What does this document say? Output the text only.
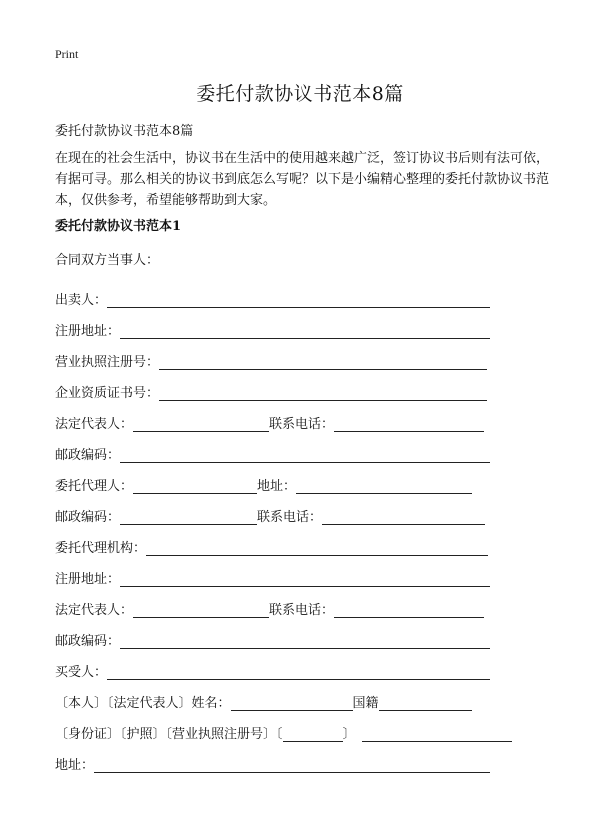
Print
委托付款协议书范本8篇
委托付款协议书范本8篇
在现在的社会生活中，协议书在生活中的使用越来越广泛，签订协议书后则有法可依，有据可寻。那么相关的协议书到底怎么写呢？以下是小编精心整理的委托付款协议书范本，仅供参考，希望能够帮助到大家。
委托付款协议书范本1
合同双方当事人：
出卖人：
注册地址：
营业执照注册号：
企业资质证书号：
法定代表人：	联系电话：
邮政编码：
委托代理人：	地址：
邮政编码：	联系电话：
委托代理机构：
注册地址：
法定代表人：	联系电话：
邮政编码：
买受人：
〔本人〕〔法定代表人〕姓名：	国籍
〔身份证〕〔护照〕〔营业执照注册号〕〔	〕
地址：
